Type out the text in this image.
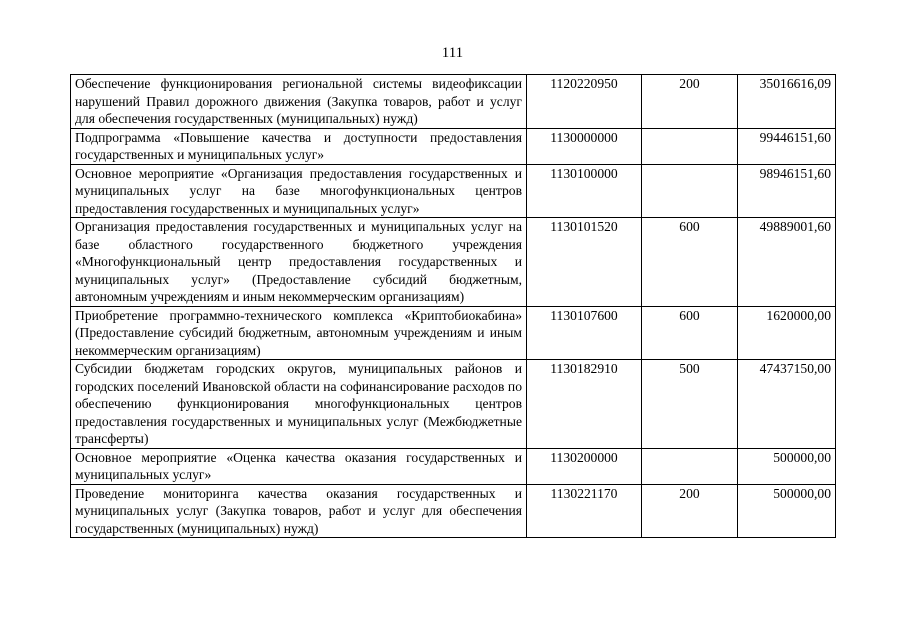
111
Обеспечение функционирования региональной системы видеофиксации нарушений Правил дорожного движения (Закупка товаров, работ и услуг для обеспечения государственных (муниципальных) нужд)	1120220950	200	35016616,09
Подпрограмма «Повышение качества и доступности предоставления государственных и муниципальных услуг»	1130000000		99446151,60
Основное мероприятие «Организация предоставления государственных и муниципальных услуг на базе многофункциональных центров предоставления государственных и муниципальных услуг»	1130100000		98946151,60
Организация предоставления государственных и муниципальных услуг на базе областного государственного бюджетного учреждения «Многофункциональный центр предоставления государственных и муниципальных услуг» (Предоставление субсидий бюджетным, автономным учреждениям и иным некоммерческим организациям)	1130101520	600	49889001,60
Приобретение программно-технического комплекса «Криптобиокабина» (Предоставление субсидий бюджетным, автономным учреждениям и иным некоммерческим организациям)	1130107600	600	1620000,00
Субсидии бюджетам городских округов, муниципальных районов и городских поселений Ивановской области на софинансирование расходов по обеспечению функционирования многофункциональных центров предоставления государственных и муниципальных услуг (Межбюджетные трансферты)	1130182910	500	47437150,00
Основное мероприятие «Оценка качества оказания государственных и муниципальных услуг»	1130200000		500000,00
Проведение мониторинга качества оказания государственных и муниципальных услуг (Закупка товаров, работ и услуг для обеспечения государственных (муниципальных) нужд)	1130221170	200	500000,00
